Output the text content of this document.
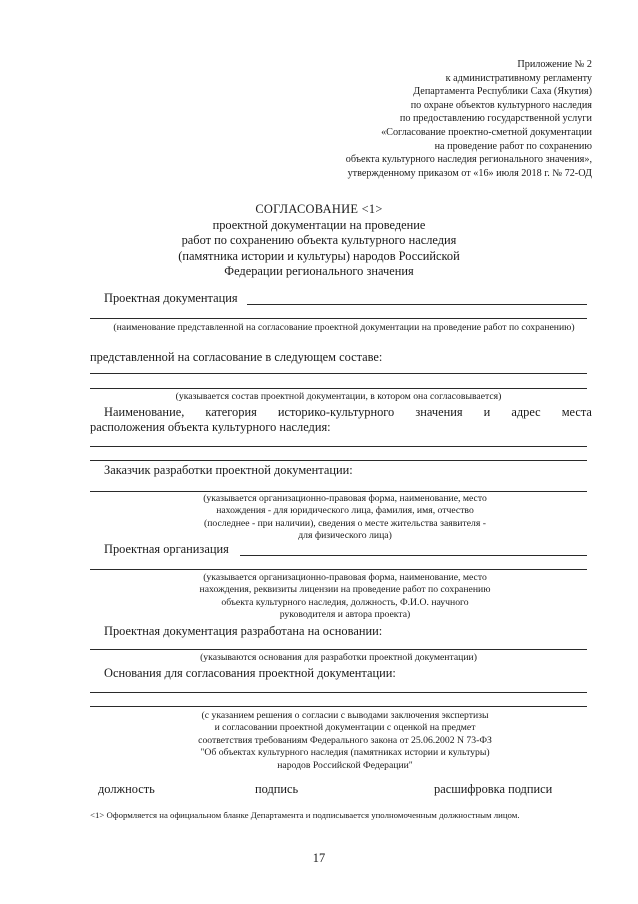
Приложение № 2
к административному регламенту
Департамента Республики Саха (Якутия)
по охране объектов культурного наследия
по предоставлению государственной услуги
«Согласование проектно-сметной документации
на проведение работ по сохранению
объекта культурного наследия регионального значения»,
утвержденному приказом от «16» июля 2018 г. № 72-ОД
СОГЛАСОВАНИЕ <1>
проектной документации на проведение
работ по сохранению объекта культурного наследия
(памятника истории и культуры) народов Российской
Федерации регионального значения
Проектная документация
(наименование представленной на согласование проектной документации на проведение работ по сохранению)
представленной на согласование в следующем составе:
(указывается состав проектной документации, в котором она согласовывается)
Наименование, категория историко-культурного значения и адрес места
расположения объекта культурного наследия:
Заказчик разработки проектной документации:
(указывается организационно-правовая форма, наименование, место
нахождения - для юридического лица, фамилия, имя, отчество
(последнее - при наличии), сведения о месте жительства заявителя -
для физического лица)
Проектная организация
(указывается организационно-правовая форма, наименование, место
нахождения, реквизиты лицензии на проведение работ по сохранению
объекта культурного наследия, должность, Ф.И.О. научного
руководителя и автора проекта)
Проектная документация разработана на основании:
(указываются основания для разработки проектной документации)
Основания для согласования проектной документации:
(с указанием решения о согласии с выводами заключения экспертизы
и согласовании проектной документации с оценкой на предмет
соответствия требованиям Федерального закона от 25.06.2002 N 73-ФЗ
"Об объектах культурного наследия (памятниках истории и культуры)
народов Российской Федерации"
должность	подпись	расшифровка подписи
<1> Оформляется на официальном бланке Департамента и подписывается уполномоченным должностным лицом.
17
